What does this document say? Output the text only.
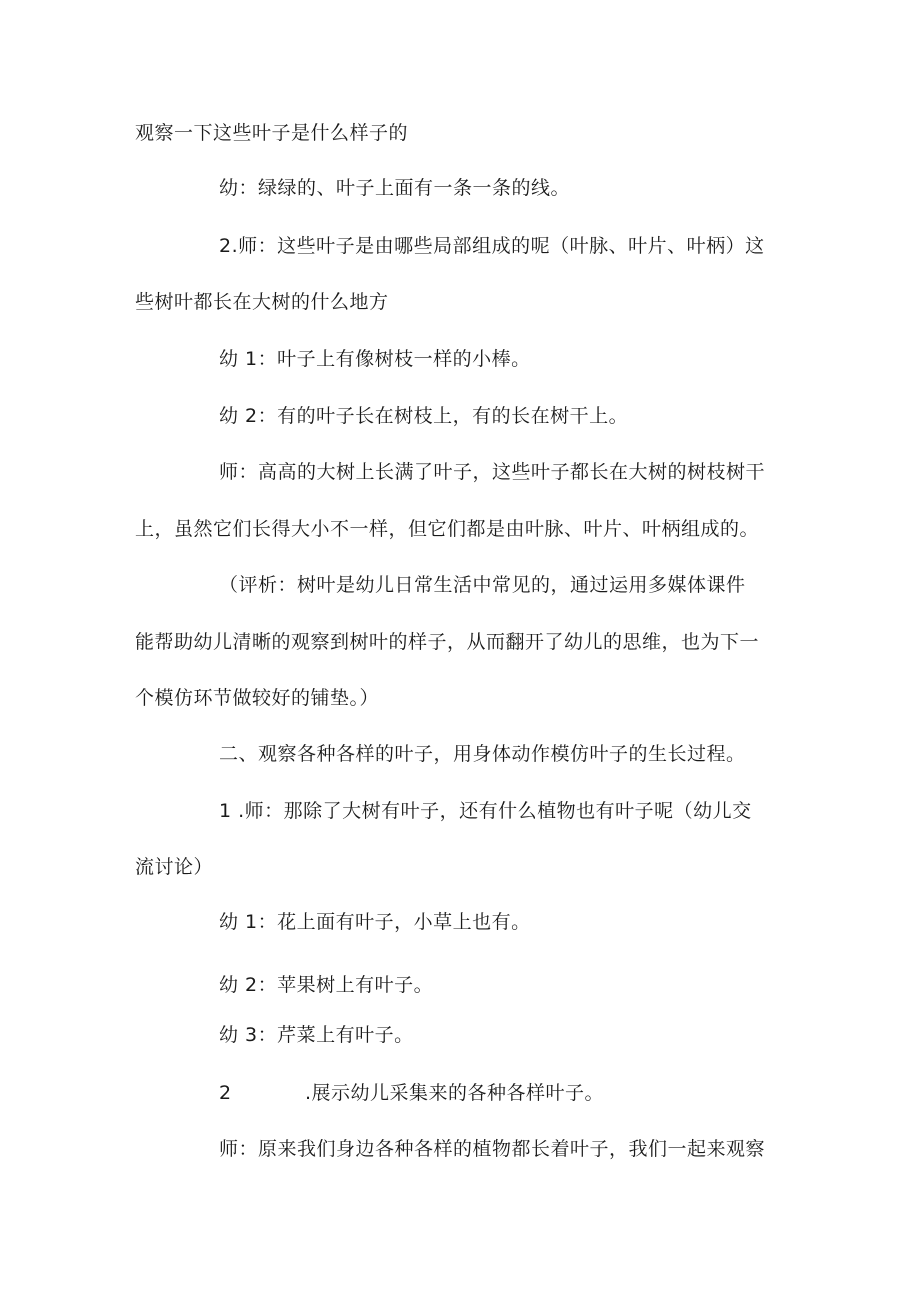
观察一下这些叶子是什么样子的
幼：绿绿的、叶子上面有一条一条的线。
2.师：这些叶子是由哪些局部组成的呢（叶脉、叶片、叶柄）这
些树叶都长在大树的什么地方
幼 1：叶子上有像树枝一样的小棒。
幼 2：有的叶子长在树枝上，有的长在树干上。
师：高高的大树上长满了叶子，这些叶子都长在大树的树枝树干
上，虽然它们长得大小不一样，但它们都是由叶脉、叶片、叶柄组成的。
（评析：树叶是幼儿日常生活中常见的，通过运用多媒体课件
能帮助幼儿清晰的观察到树叶的样子，从而翻开了幼儿的思维，也为下一
个模仿环节做较好的铺垫。）
二、观察各种各样的叶子，用身体动作模仿叶子的生长过程。
1 .师：那除了大树有叶子，还有什么植物也有叶子呢（幼儿交
流讨论）
幼 1：花上面有叶子，小草上也有。
幼 2：苹果树上有叶子。
幼 3：芹菜上有叶子。
2	.展示幼儿采集来的各种各样叶子。
师：原来我们身边各种各样的植物都长着叶子，我们一起来观察
